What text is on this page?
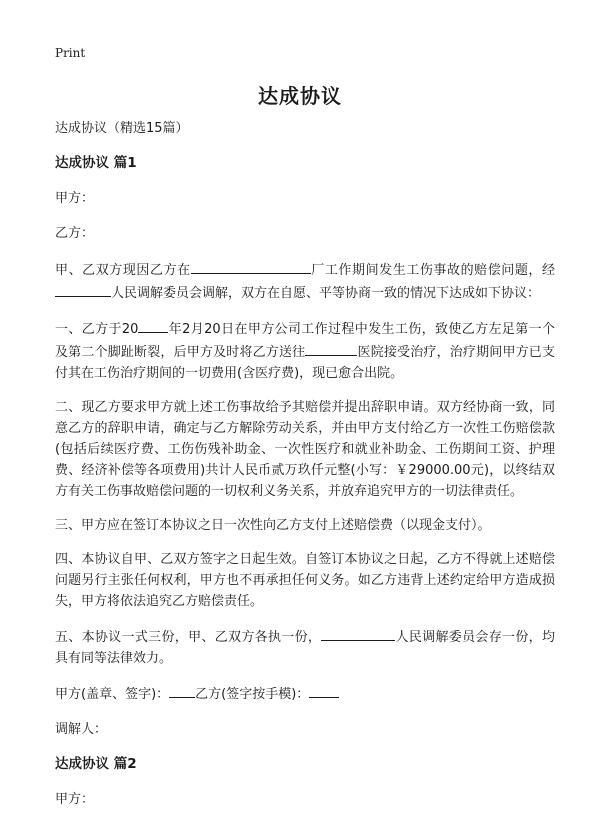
Print
达成协议

达成协议（精选15篇）

达成协议 篇1

甲方：

乙方：

甲、乙双方现因乙方在	厂工作期间发生工伤事故的赔偿问题，经人民调解委员会调解，双方在自愿、平等协商一致的情况下达成如下协议：

一、乙方于20 年2月20日在甲方公司工作过程中发生工伤，致使乙方左足第一个及第二个脚趾断裂，后甲方及时将乙方送往	医院接受治疗，治疗期间甲方已支付其在工伤治疗期间的一切费用(含医疗费)，现已愈合出院。

二、现乙方要求甲方就上述工伤事故给予其赔偿并提出辞职申请。双方经协商一致，同意乙方的辞职申请，确定与乙方解除劳动关系，并由甲方支付给乙方一次性工伤赔偿款(包括后续医疗费、工伤伤残补助金、一次性医疗和就业补助金、工伤期间工资、护理费、经济补偿等各项费用)共计人民币贰万玖仟元整(小写：￥29000.00元)，以终结双方有关工伤事故赔偿问题的一切权利义务关系，并放弃追究甲方的一切法律责任。

三、甲方应在签订本协议之日一次性向乙方支付上述赔偿费（以现金支付）。

四、本协议自甲、乙双方签字之日起生效。自签订本协议之日起，乙方不得就上述赔偿问题另行主张任何权利，甲方也不再承担任何义务。如乙方违背上述约定给甲方造成损失，甲方将依法追究乙方赔偿责任。

五、本协议一式三份，甲、乙双方各执一份，	人民调解委员会存一份，均具有同等法律效力。

甲方(盖章、签字)： 乙方(签字按手模)：

调解人：

达成协议 篇2

甲方：
